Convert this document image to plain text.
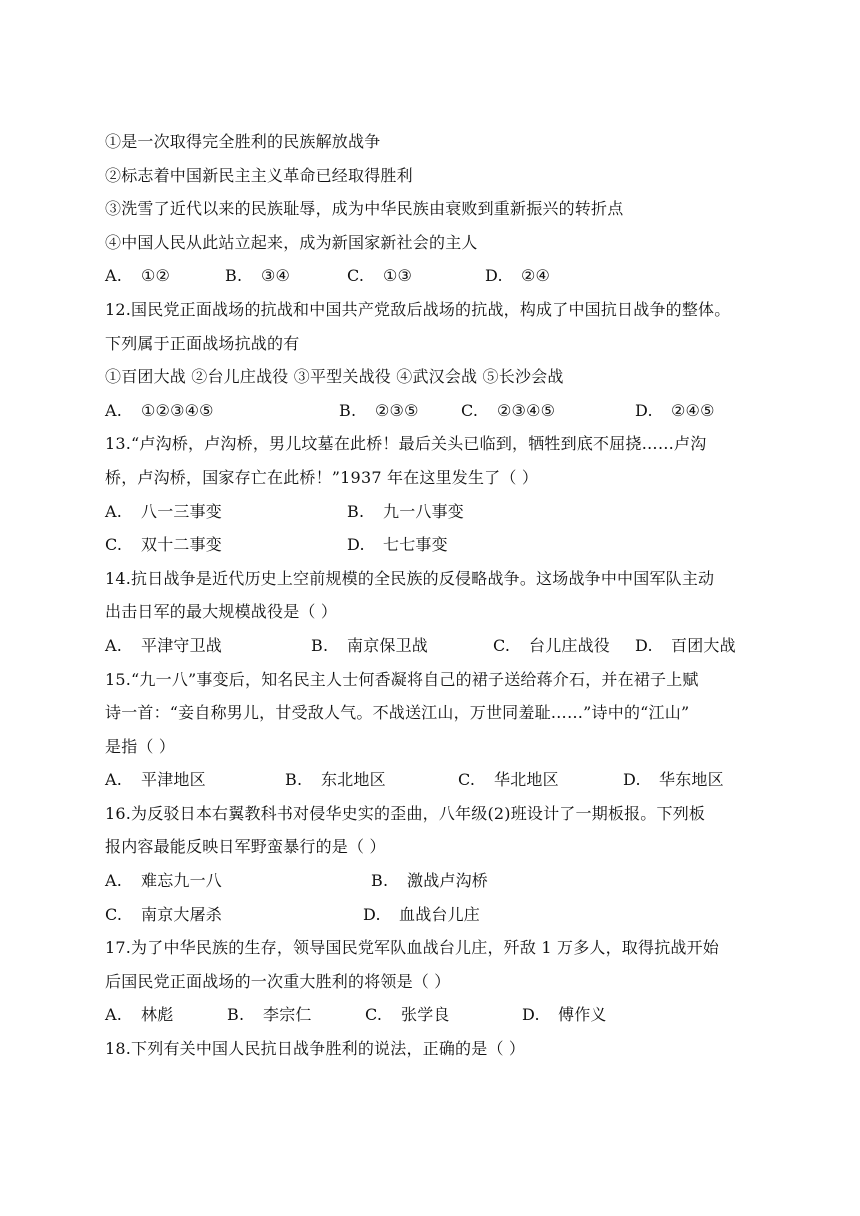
①是一次取得完全胜利的民族解放战争
②标志着中国新民主主义革命已经取得胜利
③洗雪了近代以来的民族耻辱，成为中华民族由衰败到重新振兴的转折点
④中国人民从此站立起来，成为新国家新社会的主人
A. ①②	B. ③④	C. ①③	D. ②④
12.国民党正面战场的抗战和中国共产党敌后战场的抗战，构成了中国抗日战争的整体。
下列属于正面战场抗战的有
①百团大战 ②台儿庄战役 ③平型关战役 ④武汉会战 ⑤长沙会战
A. ①②③④⑤	B. ②③⑤	C. ②③④⑤	D. ②④⑤
13.“卢沟桥，卢沟桥，男儿坟墓在此桥！最后关头已临到，牺牲到底不屈挠……卢沟
桥，卢沟桥，国家存亡在此桥！”1937 年在这里发生了（ ）
A. 八一三事变	B. 九一八事变
C. 双十二事变	D. 七七事变
14.抗日战争是近代历史上空前规模的全民族的反侵略战争。这场战争中中国军队主动
出击日军的最大规模战役是（ ）
A. 平津守卫战	B. 南京保卫战	C. 台儿庄战役	D. 百团大战
15.“九一八”事变后，知名民主人士何香凝将自己的裙子送给蒋介石，并在裙子上赋
诗一首：“妾自称男儿，甘受敌人气。不战送江山，万世同羞耻……”诗中的“江山”
是指（ ）
A. 平津地区	B. 东北地区	C. 华北地区	D. 华东地区
16.为反驳日本右翼教科书对侵华史实的歪曲，八年级(2)班设计了一期板报。下列板
报内容最能反映日军野蛮暴行的是（ ）
A. 难忘九一八	B. 激战卢沟桥
C. 南京大屠杀	D. 血战台儿庄
17.为了中华民族的生存，领导国民党军队血战台儿庄，歼敌 1 万多人，取得抗战开始
后国民党正面战场的一次重大胜利的将领是（ ）
A. 林彪	B. 李宗仁	C. 张学良	D. 傅作义
18.下列有关中国人民抗日战争胜利的说法，正确的是（ ）
